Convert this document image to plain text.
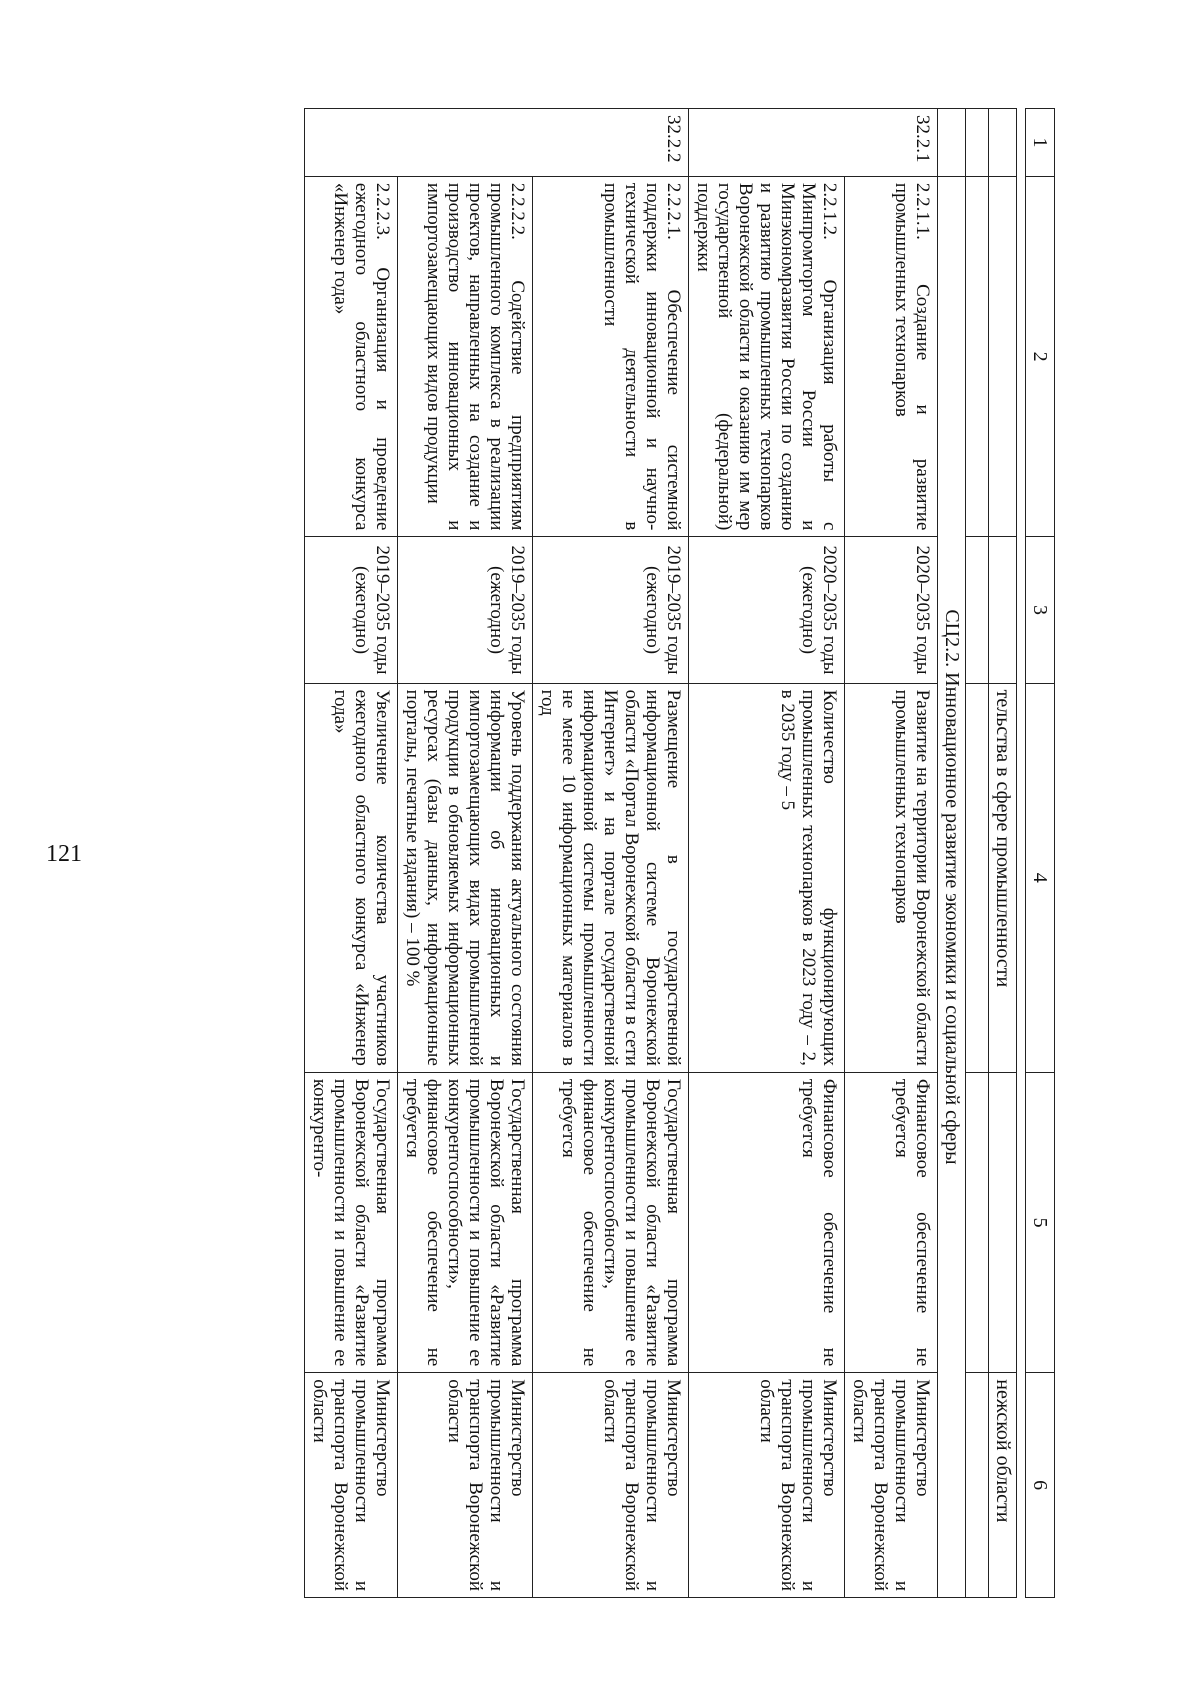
121
1	2	3	4	5	6

			тельства в сфере промышленности		нежской области

	СЦ2.2. Инновационное развитие экономики и социальной сферы				
32.2.1	2.2.1.1. Создание и развитие промышленных технопарков	2020–2035 годы	Развитие на территории Воронежской области промышленных технопарков	Финансовое обеспечение не требуется	Министерство промышленности и транспорта Воронежской области
	2.2.1.2. Организация работы с Минпромторгом России и Минэкономразвития России по созданию и развитию промышленных технопарков Воронежской области и оказанию им мер государственной (федеральной) поддержки	2020–2035 годы (ежегодно)	Количество функционирующих промышленных технопарков в 2023 году – 2, в 2035 году – 5	Финансовое обеспечение не требуется	Министерство промышленности и транспорта Воронежской области
32.2.2	2.2.2.1. Обеспечение системной поддержки инновационной и научно-технической деятельности в промышленности	2019–2035 годы (ежегодно)	Размещение в государственной информационной системе Воронежской области «Портал Воронежской области в сети Интернет» и на портале государственной информационной системы промышленности не менее 10 информационных материалов в год	Государственная программа Воронежской области «Развитие промышленности и повышение ее конкурентоспособности», финансовое обеспечение не требуется	Министерство промышленности и транспорта Воронежской области
	2.2.2.2. Содействие предприятиям промышленного комплекса в реализации проектов, направленных на создание и производство инновационных и импортозамещающих видов продукции	2019–2035 годы (ежегодно)	Уровень поддержания актуального состояния информации об инновационных и импортозамещающих видах промышленной продукции в обновляемых информационных ресурсах (базы данных, информационные порталы, печатные издания) – 100 %	Государственная программа Воронежской области «Развитие промышленности и повышение ее конкурентоспособности», финансовое обеспечение не требуется	Министерство промышленности и транспорта Воронежской области
	2.2.2.3. Организация и проведение ежегодного областного конкурса «Инженер года»	2019–2035 годы (ежегодно)	Увеличение количества участников ежегодного областного конкурса «Инженер года»	Государственная программа Воронежской области «Развитие промышленности и повышение ее конкуренто-	Министерство промышленности и транспорта Воронежской области
